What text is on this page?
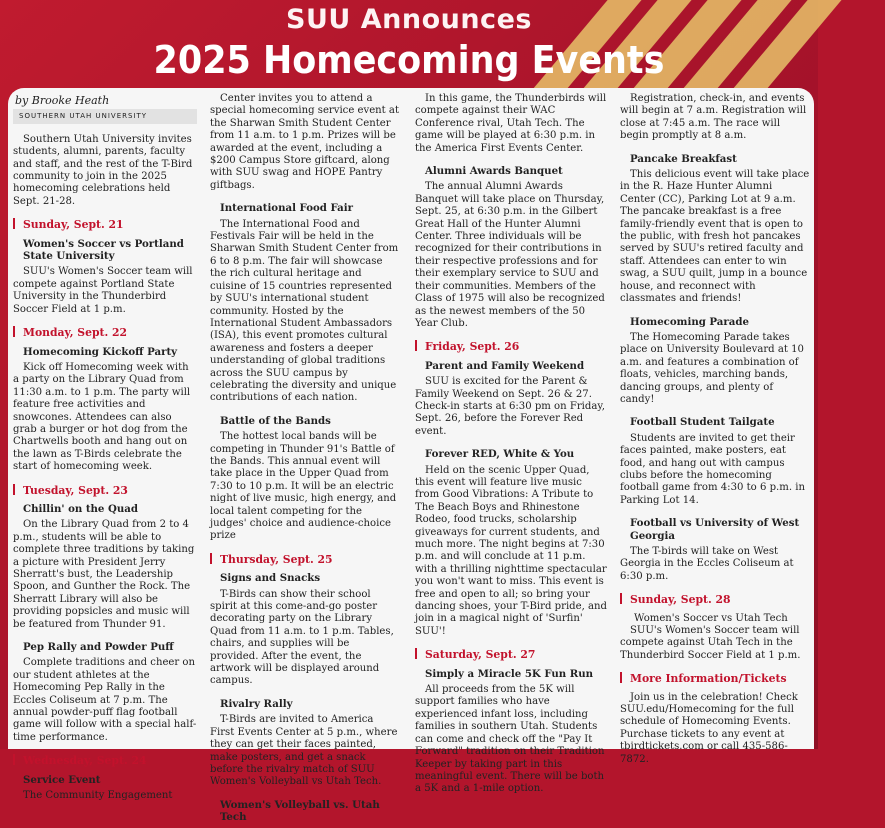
SUU Announces
2025 Homecoming Events
by Brooke Heath
SOUTHERN UTAH UNIVERSITY

Southern Utah University invites students, alumni, parents, faculty and staff, and the rest of the T-Bird community to join in the 2025 homecoming celebrations held Sept. 21-28.

Sunday, Sept. 21
Women's Soccer vs Portland State University

SUU's Women's Soccer team will compete against Portland State University in the Thunderbird Soccer Field at 1 p.m.

Monday, Sept. 22
Homecoming Kickoff Party

Kick off Homecoming week with a party on the Library Quad from 11:30 a.m. to 1 p.m. The party will feature free activities and snowcones. Attendees can also grab a burger or hot dog from the Chartwells booth and hang out on the lawn as T-Birds celebrate the start of homecoming week.

Tuesday, Sept. 23
Chillin' on the Quad

On the Library Quad from 2 to 4 p.m., students will be able to complete three traditions by taking a picture with President Jerry Sherratt's bust, the Leadership Spoon, and Gunther the Rock. The Sherratt Library will also be providing popsicles and music will be featured from Thunder 91.

Pep Rally and Powder Puff

Complete traditions and cheer on our student athletes at the Homecoming Pep Rally in the Eccles Coliseum at 7 p.m. The annual powder-puff flag football game will follow with a special half-time performance.

Wednesday, Sept. 24
Service Event

The Community Engagement

Center invites you to attend a special homecoming service event at the Sharwan Smith Student Center from 11 a.m. to 1 p.m. Prizes will be awarded at the event, including a $200 Campus Store giftcard, along with SUU swag and HOPE Pantry giftbags.

International Food Fair

The International Food and Festivals Fair will be held in the Sharwan Smith Student Center from 6 to 8 p.m. The fair will showcase the rich cultural heritage and cuisine of 15 countries represented by SUU's international student community. Hosted by the International Student Ambassadors (ISA), this event promotes cultural awareness and fosters a deeper understanding of global traditions across the SUU campus by celebrating the diversity and unique contributions of each nation.

Battle of the Bands

The hottest local bands will be competing in Thunder 91's Battle of the Bands. This annual event will take place in the Upper Quad from 7:30 to 10 p.m. It will be an electric night of live music, high energy, and local talent competing for the judges' choice and audience-choice prize

Thursday, Sept. 25
Signs and Snacks

T-Birds can show their school spirit at this come-and-go poster decorating party on the Library Quad from 11 a.m. to 1 p.m. Tables, chairs, and supplies will be provided. After the event, the artwork will be displayed around campus.

Rivalry Rally

T-Birds are invited to America First Events Center at 5 p.m., where they can get their faces painted, make posters, and get a snack before the rivalry match of SUU Women's Volleyball vs Utah Tech.

Women's Volleyball vs. Utah Tech

In this game, the Thunderbirds will compete against their WAC Conference rival, Utah Tech. The game will be played at 6:30 p.m. in the America First Events Center.

Alumni Awards Banquet

The annual Alumni Awards Banquet will take place on Thursday, Sept. 25, at 6:30 p.m. in the Gilbert Great Hall of the Hunter Alumni Center. Three individuals will be recognized for their contributions in their respective professions and for their exemplary service to SUU and their communities. Members of the Class of 1975 will also be recognized as the newest members of the 50 Year Club.

Friday, Sept. 26
Parent and Family Weekend

SUU is excited for the Parent & Family Weekend on Sept. 26 & 27. Check-in starts at 6:30 pm on Friday, Sept. 26, before the Forever Red event.

Forever RED, White & You

Held on the scenic Upper Quad, this event will feature live music from Good Vibrations: A Tribute to The Beach Boys and Rhinestone Rodeo, food trucks, scholarship giveaways for current students, and much more. The night begins at 7:30 p.m. and will conclude at 11 p.m. with a thrilling nighttime spectacular you won't want to miss. This event is free and open to all; so bring your dancing shoes, your T-Bird pride, and join in a magical night of 'Surfin' SUU'!

Saturday, Sept. 27
Simply a Miracle 5K Fun Run

All proceeds from the 5K will support families who have experienced infant loss, including families in southern Utah. Students can come and check off the "Pay It Forward" tradition on their Tradition Keeper by taking part in this meaningful event. There will be both a 5K and a 1-mile option.

Registration, check-in, and events will begin at 7 a.m. Registration will close at 7:45 a.m. The race will begin promptly at 8 a.m.

Pancake Breakfast

This delicious event will take place in the R. Haze Hunter Alumni Center (CC), Parking Lot at 9 a.m. The pancake breakfast is a free family-friendly event that is open to the public, with fresh hot pancakes served by SUU's retired faculty and staff. Attendees can enter to win swag, a SUU quilt, jump in a bounce house, and reconnect with classmates and friends!

Homecoming Parade

The Homecoming Parade takes place on University Boulevard at 10 a.m. and features a combination of floats, vehicles, marching bands, dancing groups, and plenty of candy!

Football Student Tailgate

Students are invited to get their faces painted, make posters, eat food, and hang out with campus clubs before the homecoming football game from 4:30 to 6 p.m. in Parking Lot 14.

Football vs University of West Georgia

The T-birds will take on West Georgia in the Eccles Coliseum at 6:30 p.m.

Sunday, Sept. 28
Women's Soccer vs Utah Tech

SUU's Women's Soccer team will compete against Utah Tech in the Thunderbird Soccer Field at 1 p.m.

More Information/Tickets

Join us in the celebration! Check SUU.edu/Homecoming for the full schedule of Homecoming Events. Purchase tickets to any event at tbirdtickets.com or call 435-586-7872.
